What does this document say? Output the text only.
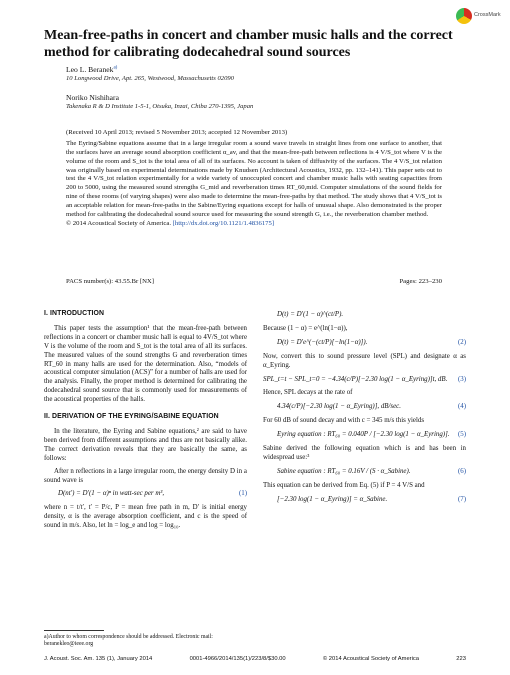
CrossMark
Mean-free-paths in concert and chamber music halls and the correct method for calibrating dodecahedral sound sources
Leo L. Beranek$^{a)}$
10 Longwood Drive, Apt. 265, Westwood, Massachusetts 02090
Noriko Nishihara
Takenaka R & D Institute 1-5-1, Otsuka, Inzai, Chiba 270-1395, Japan
(Received 10 April 2013; revised 5 November 2013; accepted 12 November 2013)

The Eyring/Sabine equations assume that in a large irregular room a sound wave travels in straight lines from one surface to another, that the surfaces have an average sound absorption coefficient α_av, and that the mean-free-path between reflections is 4 V/S_tot where V is the volume of the room and S_tot is the total area of all of its surfaces. No account is taken of diffusivity of the surfaces. The 4 V/S_tot relation was originally based on experimental determinations made by Knudsen (Architectural Acoustics, 1932, pp. 132–141). This paper sets out to test the 4 V/S_tot relation experimentally for a wide variety of unoccupied concert and chamber music halls with seating capacities from 200 to 5000, using the measured sound strengths G_mid and reverberation times RT_60,mid. Computer simulations of the sound fields for nine of these rooms (of varying shapes) were also made to determine the mean-free-paths by that method. The study shows that 4 V/S_tot is an acceptable relation for mean-free-paths in the Sabine/Eyring equations except for halls of unusual shape. Also demonstrated is the proper method for calibrating the dodecahedral sound source used for measuring the sound strength G, i.e., the reverberation chamber method.
© 2014 Acoustical Society of America. [http://dx.doi.org/10.1121/1.4836175]

PACS number(s): 43.55.Br [NX]	Pages: 223–230
I. INTRODUCTION

This paper tests the assumption¹ that the mean-free-path between reflections in a concert or chamber music hall is equal to 4V/S_tot where V is the volume of the room and S_tot is the total area of all its surfaces. The measured values of the sound strengths G and reverberation times RT_60 in many halls are used for the determination. Also, “models of acoustical computer simulation (ACS)” for a number of halls are used for the analysis. Finally, the proper method is determined for calibrating the dodecahedral sound source that is commonly used for measurements of the acoustical properties of the halls.

II. DERIVATION OF THE EYRING/SABINE EQUATION

In the literature, the Eyring and Sabine equations,² are said to have been derived from different assumptions and thus are not basically alike. The correct derivation reveals that they are basically the same, as follows:

After n reflections in a large irregular room, the energy density D in a sound wave is

D(nt′) = D′(1 − α)ⁿ in watt-sec per m³,	(1)

where n = t/t′, t′ = P/c, P = mean free path in m, D′ is initial energy density, α is the average absorption coefficient, and c is the speed of sound in m/s. Also, let ln = log_e and log = log₁₀.

a)Author to whom correspondence should be addressed. Electronic mail: beranekleo@ieee.org
D(t) = D′(1 − α)^(ct/P).

Because (1 − α) = e^(ln(1−α)),

D(t) = D′e^(−(ct/P)[−ln(1−α)]).	(2)

Now, convert this to sound pressure level (SPL) and designate α as α_Eyring.

SPL_t=t − SPL_t=0 = −4.34(c/P)[−2.30 log(1 − α_Eyring)]t, dB. (3)

Hence, SPL decays at the rate of

4.34(c/P)[−2.30 log(1 − α_Eyring)], dB/sec.	(4)

For 60 dB of sound decay and with c = 345 m/s this yields

Eyring equation : RT₆₀ = 0.040P / [−2.30 log(1 − α_Eyring)]. (5)

Sabine derived the following equation which is and has been in widespread use:³

Sabine equation : RT₆₀ = 0.16V / (S · α_Sabine).	(6)

This equation can be derived from Eq. (5) if P = 4 V/S and

[−2.30 log(1 − α_Eyring)] = α_Sabine.	(7)
J. Acoust. Soc. Am. 135 (1), January 2014	0001-4966/2014/135(1)/223/8/$30.00	© 2014 Acoustical Society of America	223
